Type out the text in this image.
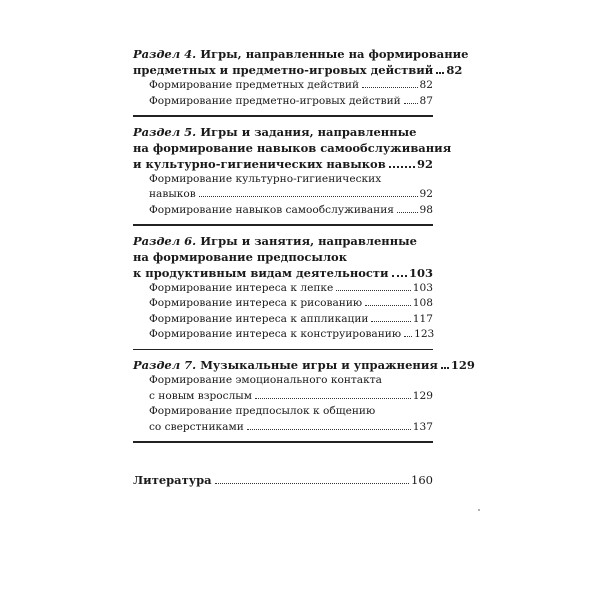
Раздел 4. Игры, направленные на формирование
предметных и предметно-игровых действий 82
Формирование предметных действий	82
Формирование предметно-игровых действий 87
Раздел 5. Игры и задания, направленные
на формирование навыков самообслуживания
и культурно-гигиенических навыков	92
Формирование культурно-гигиенических
навыков	92
Формирование навыков самообслуживания 98
Раздел 6. Игры и занятия, направленные
на формирование предпосылок
к продуктивным видам деятельности 103
Формирование интереса к лепке	103
Формирование интереса к рисованию	108
Формирование интереса к аппликации	117
Формирование интереса к конструированию 123
Раздел 7. Музыкальные игры и упражнения 129
Формирование эмоционального контакта
с новым взрослым	129
Формирование предпосылок к общению
со сверстниками	137
Литература	160
